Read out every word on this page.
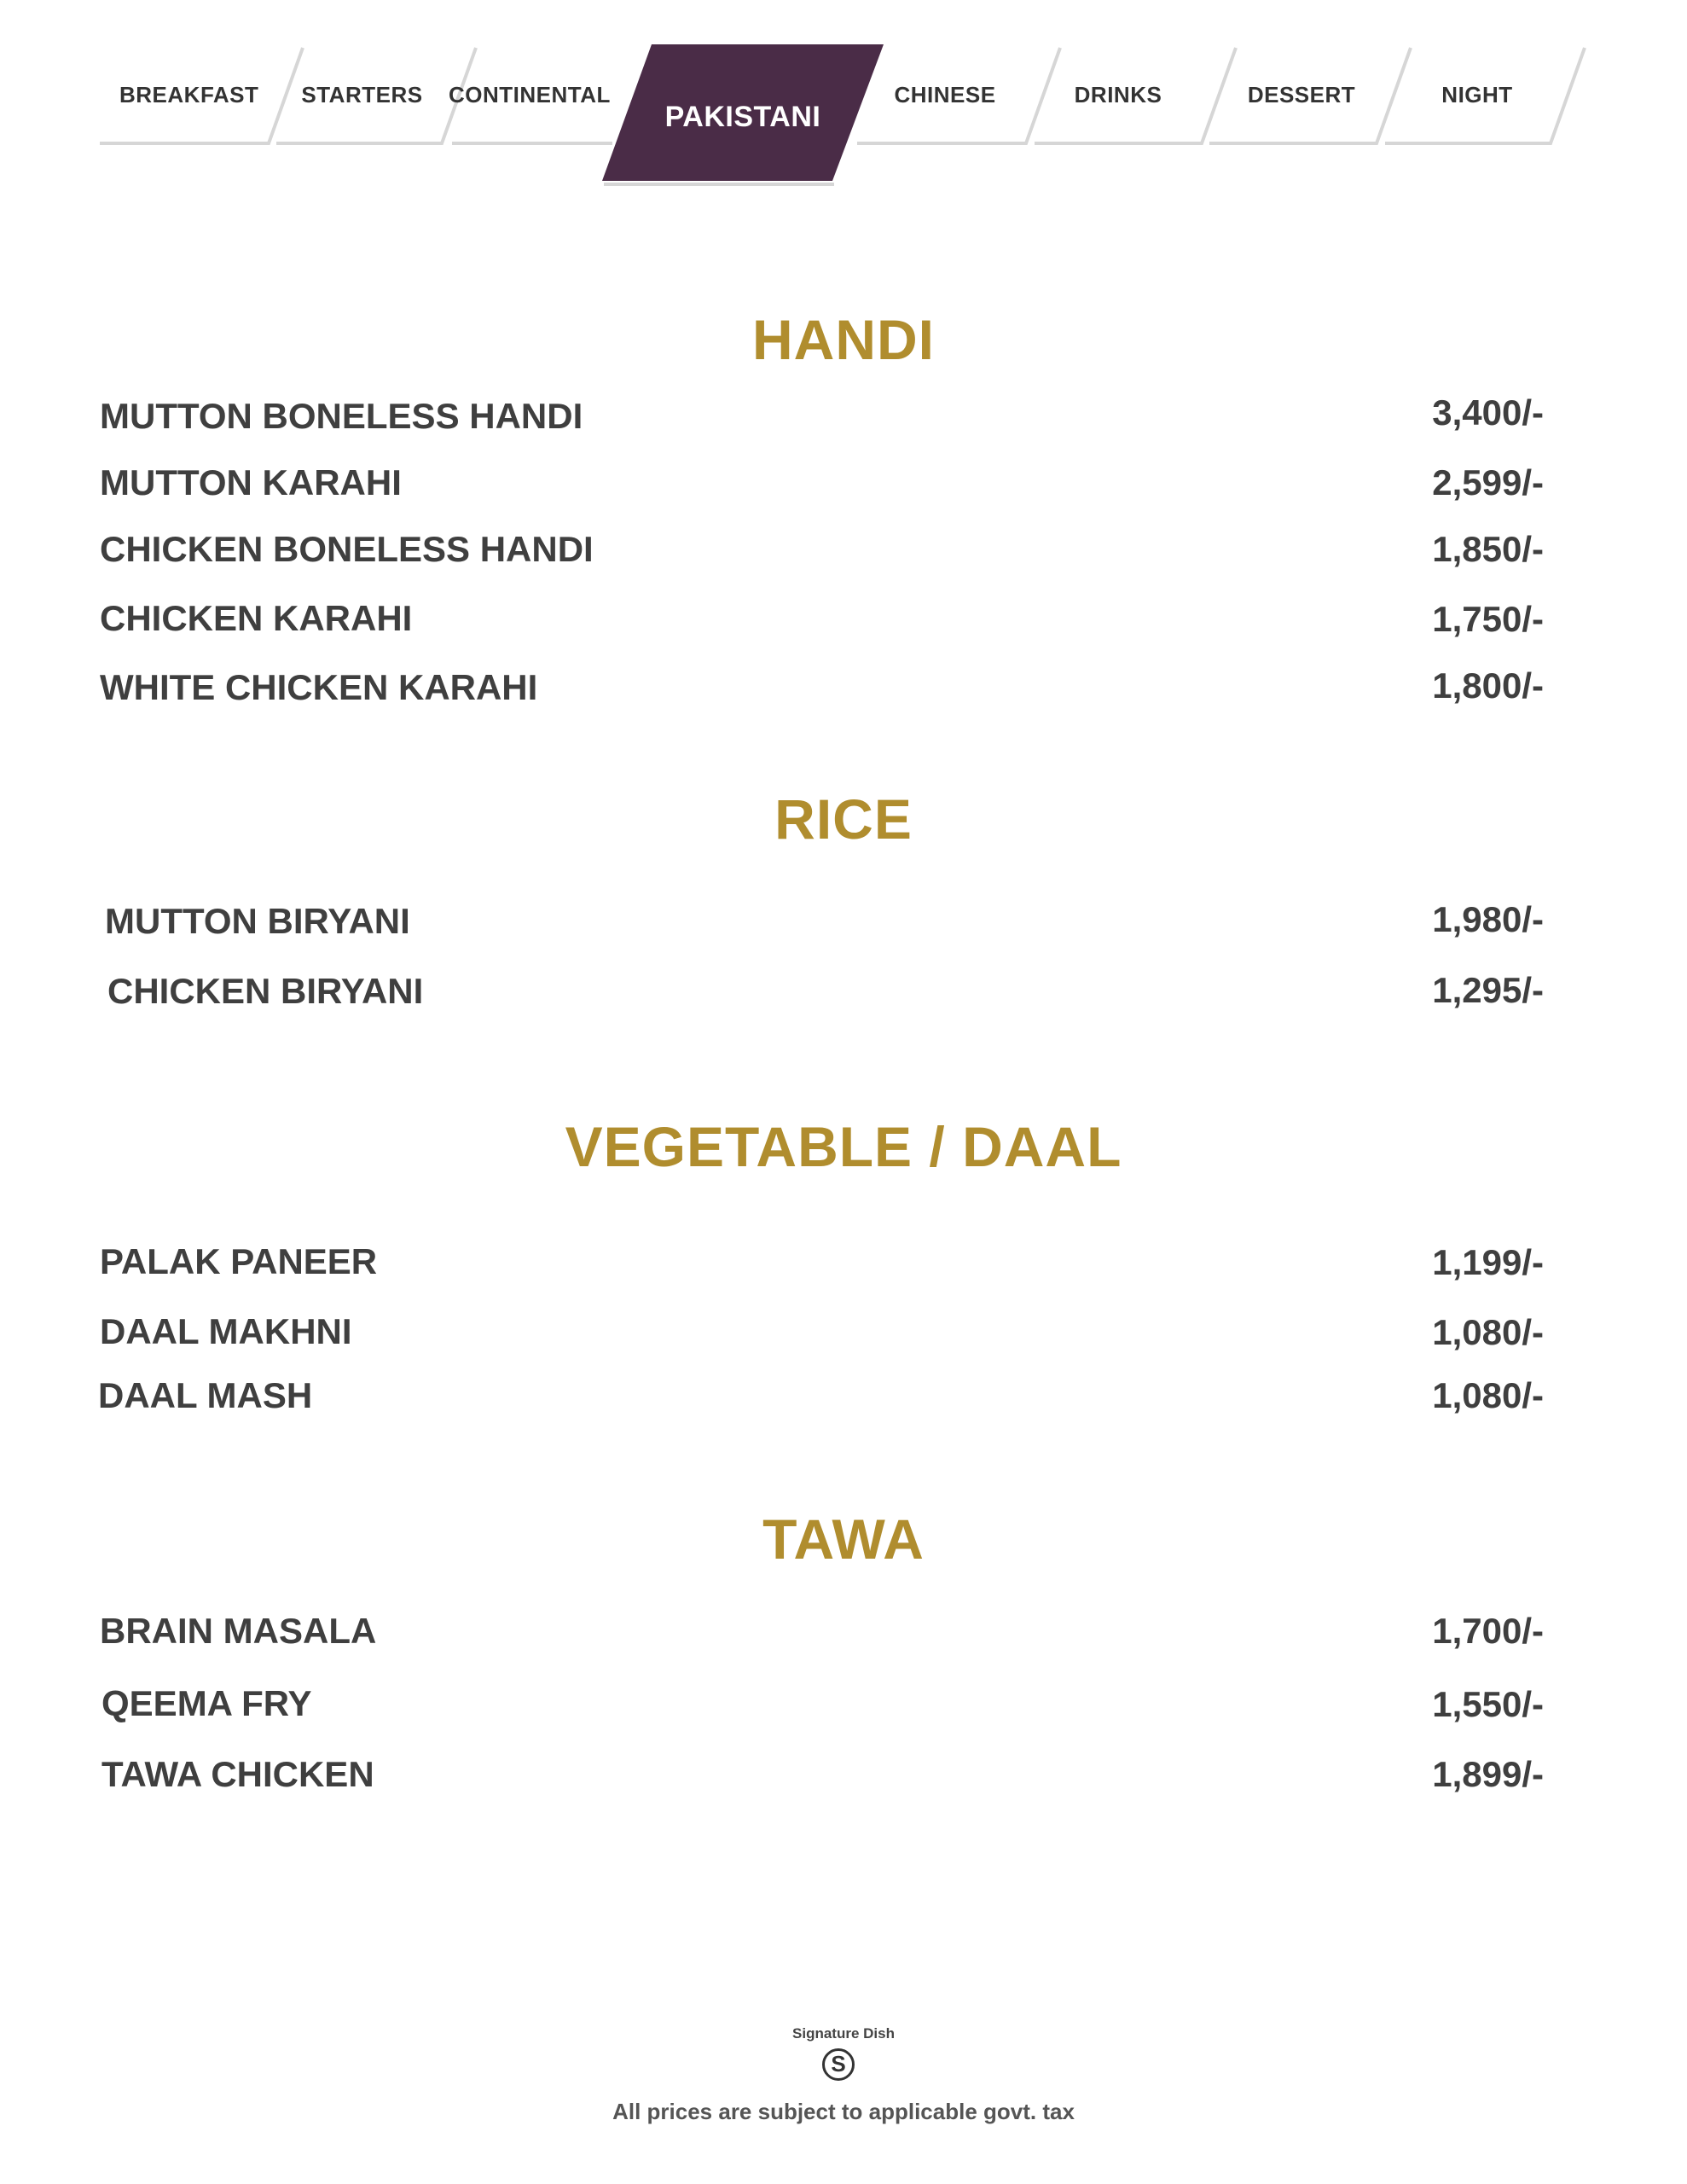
BREAKFAST	STARTERS	CONTINENTAL
PAKISTANI
CHINESE	DRINKS	DESSERT	NIGHT
HANDI
MUTTON BONELESS HANDI	3,400/-
MUTTON KARAHI	2,599/-
CHICKEN BONELESS HANDI	1,850/-
CHICKEN KARAHI	1,750/-
WHITE CHICKEN KARAHI	1,800/-
RICE
MUTTON BIRYANI	1,980/-
CHICKEN BIRYANI	1,295/-
VEGETABLE / DAAL
PALAK PANEER	1,199/-
DAAL MAKHNI	1,080/-
DAAL MASH	1,080/-
TAWA
BRAIN MASALA	1,700/-
QEEMA FRY	1,550/-
TAWA CHICKEN	1,899/-
Signature Dish
S
All prices are subject to applicable govt. tax
